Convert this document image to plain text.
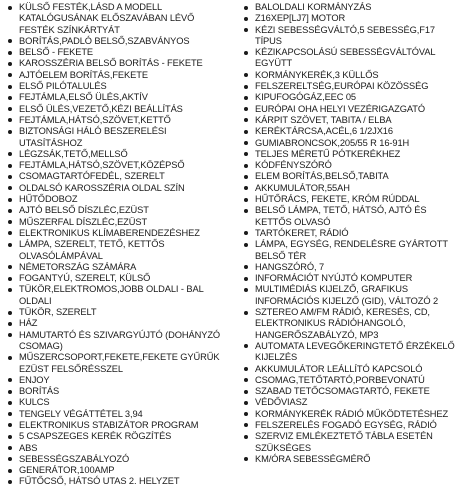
KÜLSŐ FESTÉK,LÁSD A MODELL KATALÓGUSÁNAK ELŐSZAVÁBAN LÉVŐ FESTÉK SZÍNKÁRTYÁT
BORÍTÁS,PADLÓ BELSŐ,SZABVÁNYOS
BELSŐ - FEKETE
KAROSSZÉRIA BELSŐ BORÍTÁS - FEKETE
AJTÓELEM BORÍTÁS,FEKETE
ELSŐ PILÓTALULÉS
FEJTÁMLA,ELSŐ ÜLÉS,AKTÍV
ELSŐ ÜLÉS,VEZETŐ,KÉZI BEÁLLÍTÁS
FEJTÁMLA,HÁTSÓ,SZÖVET,KETTŐ
BIZTONSÁGI HÁLÓ BESZERELÉSI UTASÍTÁSHOZ
LÉGZSÁK,TETŐ,MELLSŐ
FEJTÁMLA,HÁTSÓ,SZÖVET,KÖZÉPSŐ
CSOMAGTARTÓFEDÉL, SZERELT
OLDALSÓ KAROSSZÉRIA OLDAL SZÍN
HŰTŐDOBOZ
AJTÓ BELSŐ DÍSZLÉC,EZÜST
MŰSZERFAL DÍSZLÉC,EZÜST
ELEKTRONIKUS KLÍMABERENDEZÉSHEZ
LÁMPA, SZERELT, TETŐ, KETTŐS OLVASÓLÁMPÁVAL
NÉMETORSZÁG SZÁMÁRA
FOGANTYÚ, SZERELT, KÜLSŐ
TÜKÖR,ELEKTROMOS,JOBB OLDALI - BAL OLDALI
TÜKÖR, SZERELT
HÁZ
HAMUTARTÓ ÉS SZIVARGYÚJTÓ (DOHÁNYZÓ CSOMAG)
MŰSZERCSOPORT,FEKETE,FEKETE GYŰRŰK EZÜST FELSŐRÉSSZEL
ENJOY
BORÍTÁS
KULCS
TENGELY VÉGÁTTÉTEL 3,94
ELEKTRONIKUS STABIZÁTOR PROGRAM
5 CSAPSZEGES KERÉK RÖGZÍTÉS
ABS
SEBESSÉGSZABÁLYOZÓ
GENERÁTOR,100AMP
FŰTŐCSŐ, HÁTSÓ UTAS 2. HELYZET
BALOLDALI KORMÁNYZÁS
Z16XEP[LJ7] MOTOR
KÉZI SEBESSÉGVÁLTÓ,5 SEBESSÉG,F17 TÍPUS
KÉZIKAPCSOLÁSÚ SEBESSÉGVÁLTÓVAL EGYÜTT
KORMÁNYKERÉK,3 KÜLLŐS
FELSZERELTSÉG,EURÓPAI KÖZÖSSÉG
KIPUFOGÓGÁZ,EEC 05
EURÓPAI OHA HELYI VEZÉRIGAZGATÓ
KÁRPIT SZÖVET, TABITA / ELBA
KERÉKTÁRCSA,ACÉL,6 1/2JX16
GUMIABRONCSOK,205/55 R 16-91H
TELJES MÉRETŰ PÓTKERÉKHEZ
KÓDFÉNYSZÓRÓ
ELEM BORÍTÁS,BELSŐ,TABITA
AKKUMULÁTOR,55AH
HŰTŐRÁCS, FEKETE, KRÓM RÚDDAL
BELSŐ LÁMPA, TETŐ, HÁTSÓ, AJTÓ ÉS KETTŐS OLVASÓ
TARTÓKERET, RÁDIÓ
LÁMPA, EGYSÉG, RENDELÉSRE GYÁRTOTT BELSŐ TÉR
HANGSZÓRÓ, 7
INFORMÁCIÓT NYÚJTÓ KOMPUTER
MULTIMÉDIÁS KIJELZŐ, GRAFIKUS INFORMÁCIÓS KIJELZŐ (GID), VÁLTOZÓ 2
SZTEREO AM/FM RÁDIÓ, KERESÉS, CD, ELEKTRONIKUS RÁDIÓHANGOLÓ, HANGERŐSZABÁLYZÓ, MP3
AUTOMATA LEVEGŐKERINGTETŐ ÉRZÉKELŐ KIJELZÉS
AKKUMULÁTOR LEÁLLÍTÓ KAPCSOLÓ
CSOMAG,TETŐTARTÓ,PORBEVONATÚ
SZABAD TETŐCSOMAGTARTÓ, FEKETE
VÉDŐVIASZ
KORMÁNYKERÉK RÁDIÓ MŰKÖDTETÉSHEZ
FELSZERELÉS FOGADÓ EGYSÉG, RÁDIÓ
SZERVIZ EMLÉKEZTETŐ TÁBLA ESETÉN SZÜKSÉGES
KM/ÓRA SEBESSÉGMÉRŐ
